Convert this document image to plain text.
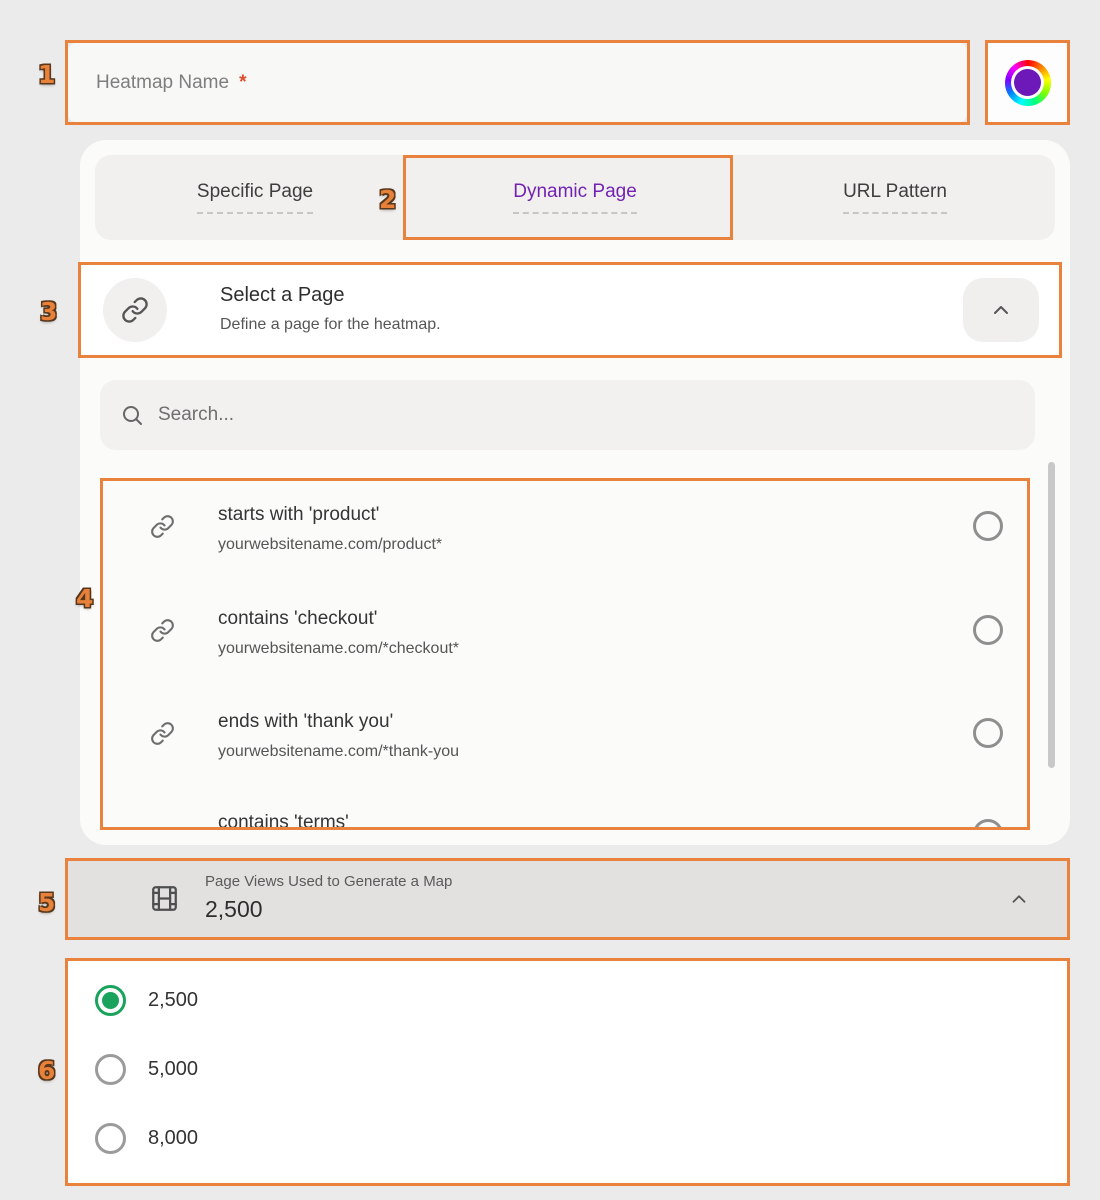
Heatmap Name *
Specific Page	Dynamic Page	URL Pattern
Select a Page
Define a page for the heatmap.
Search...
starts with 'product'
yourwebsitename.com/product*
contains 'checkout'
yourwebsitename.com/*checkout*
ends with 'thank you'
yourwebsitename.com/*thank-you
contains 'terms'
Page Views Used to Generate a Map
2,500
2,500
5,000
8,000
1
2
3
4
5
6
